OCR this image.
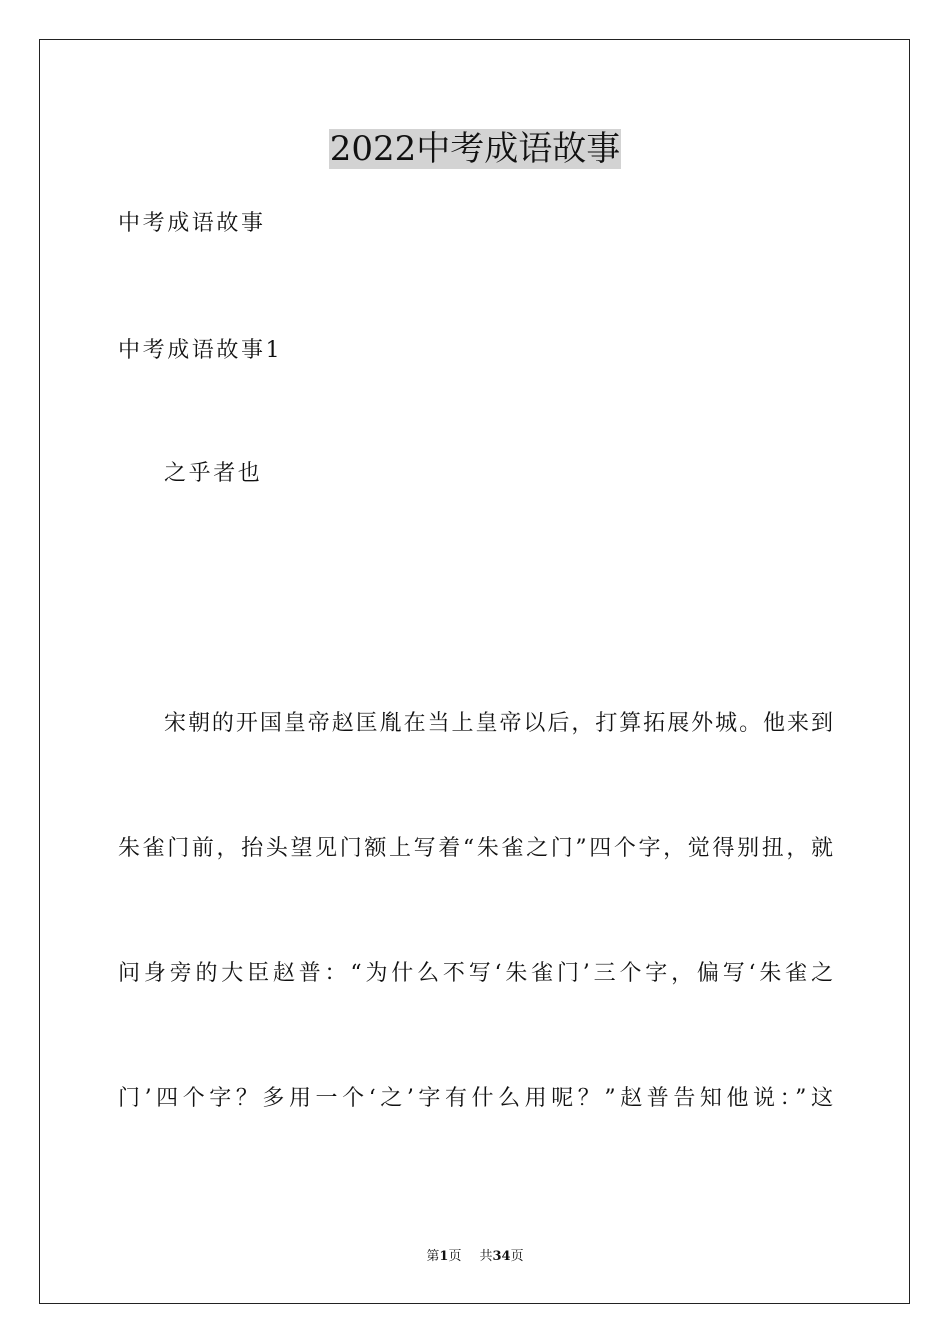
2022中考成语故事
中考成语故事
中考成语故事1
之乎者也
宋朝的开国皇帝赵匡胤在当上皇帝以后，打算拓展外城。他来到
朱雀门前，抬头望见门额上写着“朱雀之门”四个字，觉得别扭，就
问身旁的大臣赵普：“为什么不写‘朱雀门’三个字，偏写‘朱雀之
门’四个字？多用一个‘之’字有什么用呢？”赵普告知他说：”这
第1页 共34页
